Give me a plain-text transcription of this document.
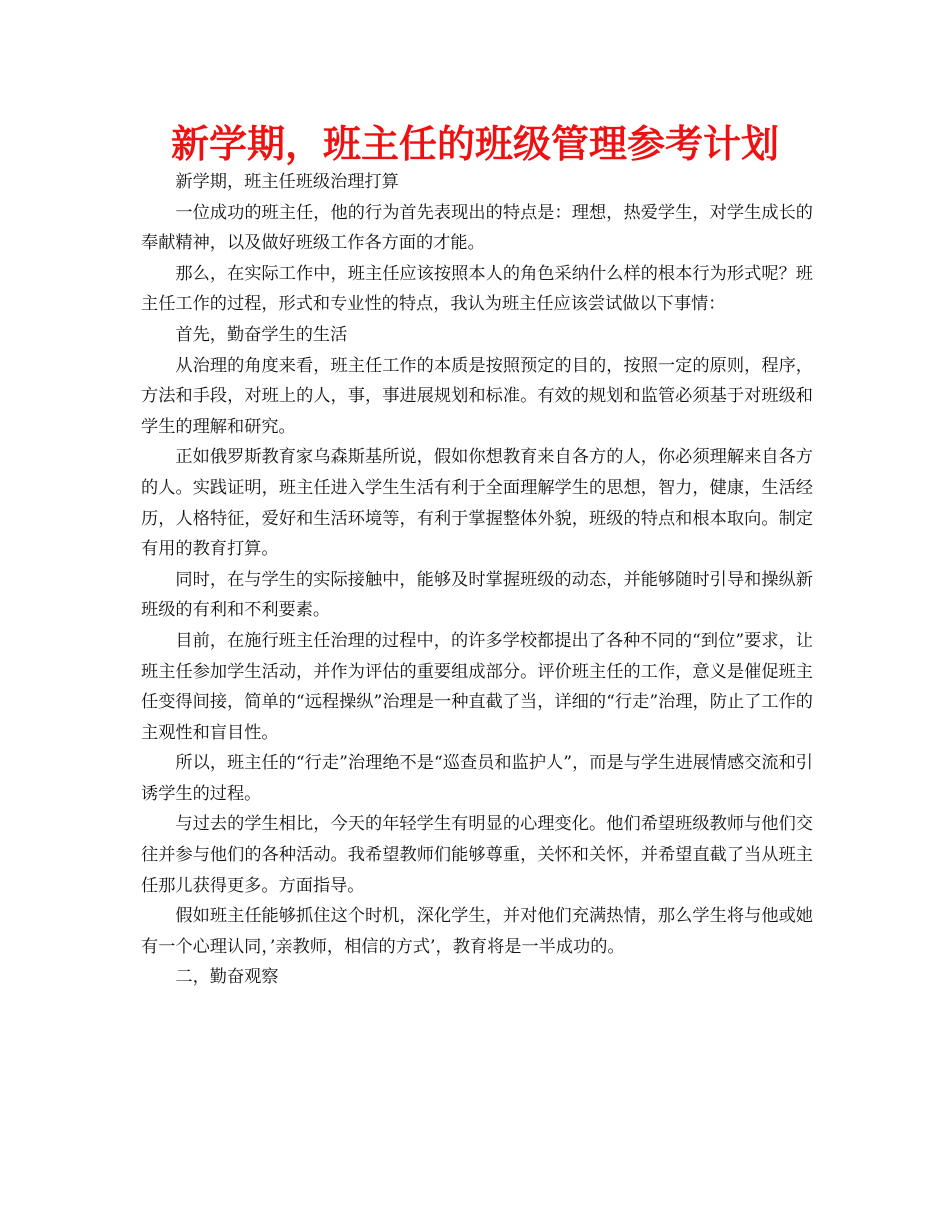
新学期，班主任的班级管理参考计划

新学期，班主任班级治理打算

一位成功的班主任，他的行为首先表现出的特点是：理想，热爱学生，对学生成长的奉献精神，以及做好班级工作各方面的才能。

那么，在实际工作中，班主任应该按照本人的角色采纳什么样的根本行为形式呢？班主任工作的过程，形式和专业性的特点，我认为班主任应该尝试做以下事情：

首先，勤奋学生的生活

从治理的角度来看，班主任工作的本质是按照预定的目的，按照一定的原则，程序，方法和手段，对班上的人，事，事进展规划和标准。有效的规划和监管必须基于对班级和学生的理解和研究。

正如俄罗斯教育家乌森斯基所说，假如你想教育来自各方的人，你必须理解来自各方的人。实践证明，班主任进入学生生活有利于全面理解学生的思想，智力，健康，生活经历，人格特征，爱好和生活环境等，有利于掌握整体外貌，班级的特点和根本取向。制定有用的教育打算。

同时，在与学生的实际接触中，能够及时掌握班级的动态，并能够随时引导和操纵新班级的有利和不利要素。

目前，在施行班主任治理的过程中，的许多学校都提出了各种不同的“到位”要求，让班主任参加学生活动，并作为评估的重要组成部分。评价班主任的工作，意义是催促班主任变得间接，简单的“远程操纵”治理是一种直截了当，详细的“行走”治理，防止了工作的主观性和盲目性。

所以，班主任的“行走”治理绝不是“巡查员和监护人”，而是与学生进展情感交流和引诱学生的过程。

与过去的学生相比，今天的年轻学生有明显的心理变化。他们希望班级教师与他们交往并参与他们的各种活动。我希望教师们能够尊重，关怀和关怀，并希望直截了当从班主任那儿获得更多。方面指导。

假如班主任能够抓住这个时机，深化学生，并对他们充满热情，那么学生将与他或她有一个心理认同，’亲教师，相信的方式’，教育将是一半成功的。

二，勤奋观察
